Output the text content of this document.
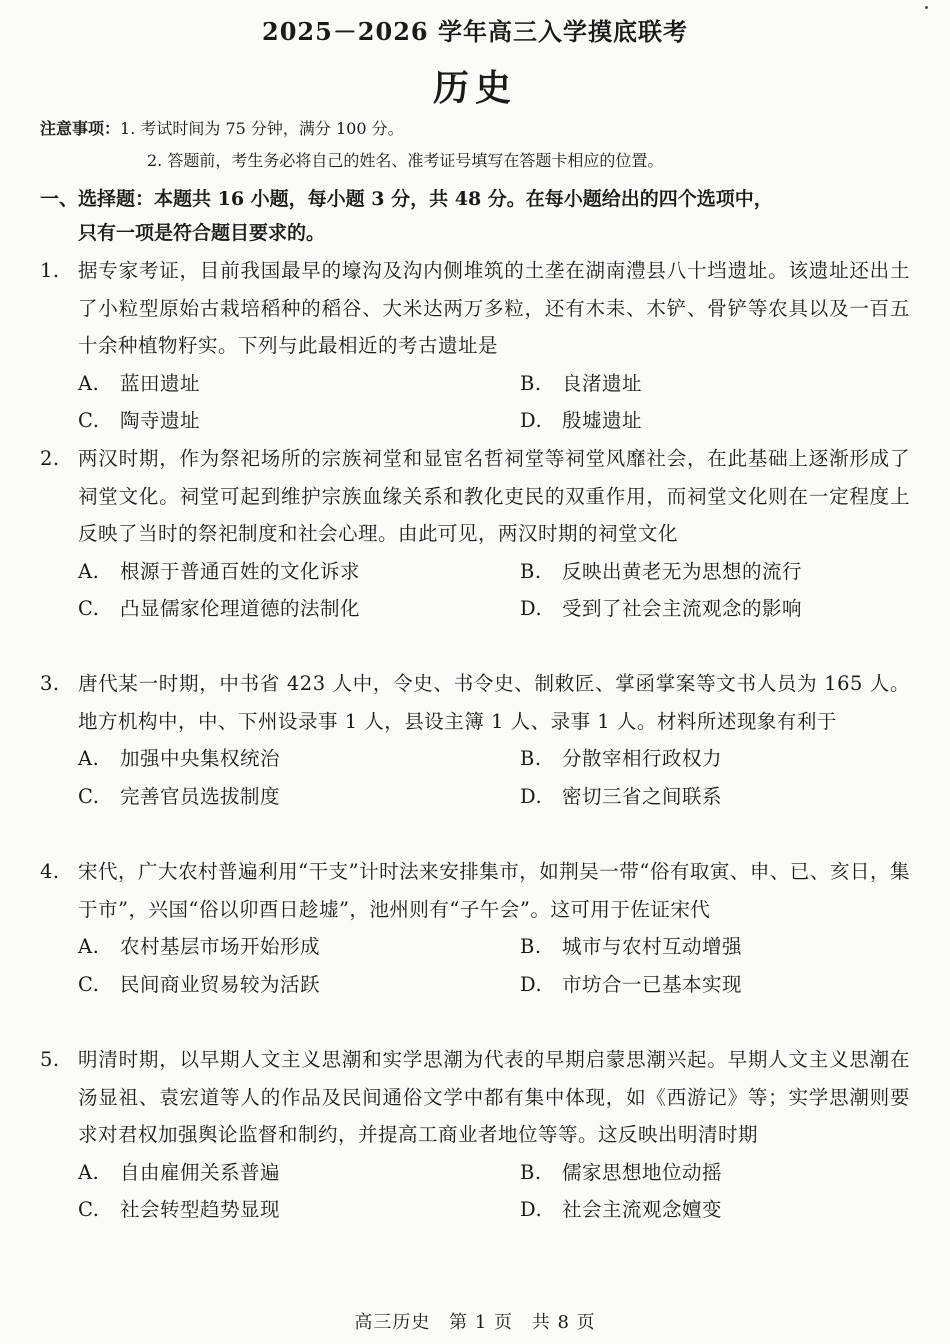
2025－2026 学年高三入学摸底联考
历史
注意事项：1. 考试时间为 75 分钟，满分 100 分。
2. 答题前，考生务必将自己的姓名、准考证号填写在答题卡相应的位置。
一、选择题：本题共 16 小题，每小题 3 分，共 48 分。在每小题给出的四个选项中，
只有一项是符合题目要求的。
1. 据专家考证，目前我国最早的壕沟及沟内侧堆筑的土垄在湖南澧县八十垱遗址。该遗址还出土了小粒型原始古栽培稻种的稻谷、大米达两万多粒，还有木耒、木铲、骨铲等农具以及一百五十余种植物籽实。下列与此最相近的考古遗址是
A. 蓝田遗址	B. 良渚遗址
C. 陶寺遗址	D. 殷墟遗址
2. 两汉时期，作为祭祀场所的宗族祠堂和显宦名哲祠堂等祠堂风靡社会，在此基础上逐渐形成了祠堂文化。祠堂可起到维护宗族血缘关系和教化吏民的双重作用，而祠堂文化则在一定程度上反映了当时的祭祀制度和社会心理。由此可见，两汉时期的祠堂文化
A. 根源于普通百姓的文化诉求	B. 反映出黄老无为思想的流行
C. 凸显儒家伦理道德的法制化	D. 受到了社会主流观念的影响
3. 唐代某一时期，中书省 423 人中，令史、书令史、制敕匠、掌函掌案等文书人员为 165 人。地方机构中，中、下州设录事 1 人，县设主簿 1 人、录事 1 人。材料所述现象有利于
A. 加强中央集权统治	B. 分散宰相行政权力
C. 完善官员选拔制度	D. 密切三省之间联系
4. 宋代，广大农村普遍利用“干支”计时法来安排集市，如荆吴一带“俗有取寅、申、已、亥日，集于市”，兴国“俗以卯酉日趁墟”，池州则有“子午会”。这可用于佐证宋代
A. 农村基层市场开始形成	B. 城市与农村互动增强
C. 民间商业贸易较为活跃	D. 市坊合一已基本实现
5. 明清时期，以早期人文主义思潮和实学思潮为代表的早期启蒙思潮兴起。早期人文主义思潮在汤显祖、袁宏道等人的作品及民间通俗文学中都有集中体现，如《西游记》等；实学思潮则要求对君权加强舆论监督和制约，并提高工商业者地位等等。这反映出明清时期
A. 自由雇佣关系普遍	B. 儒家思想地位动摇
C. 社会转型趋势显现	D. 社会主流观念嬗变
高三历史 第 1 页 共 8 页
